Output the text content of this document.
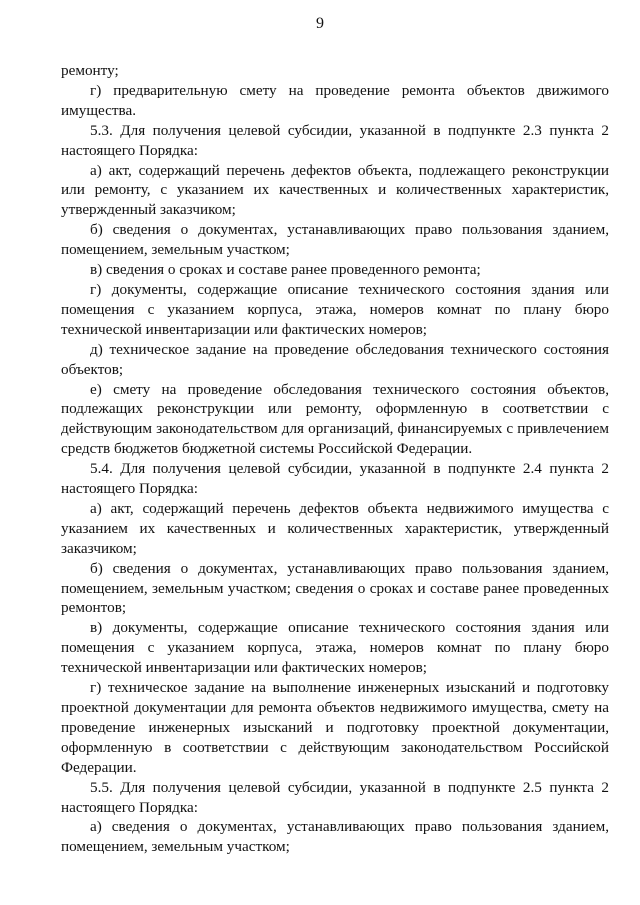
9

ремонту;

г) предварительную смету на проведение ремонта объектов движимого имущества.

5.3. Для получения целевой субсидии, указанной в подпункте 2.3 пункта 2 настоящего Порядка:

а) акт, содержащий перечень дефектов объекта, подлежащего реконструкции или ремонту, с указанием их качественных и количественных характеристик, утвержденный заказчиком;

б) сведения о документах, устанавливающих право пользования зданием, помещением, земельным участком;

в) сведения о сроках и составе ранее проведенного ремонта;

г) документы, содержащие описание технического состояния здания или помещения с указанием корпуса, этажа, номеров комнат по плану бюро технической инвентаризации или фактических номеров;

д) техническое задание на проведение обследования технического состояния объектов;

е) смету на проведение обследования технического состояния объектов, подлежащих реконструкции или ремонту, оформленную в соответствии с действующим законодательством для организаций, финансируемых с привлечением средств бюджетов бюджетной системы Российской Федерации.

5.4. Для получения целевой субсидии, указанной в подпункте 2.4 пункта 2 настоящего Порядка:

а) акт, содержащий перечень дефектов объекта недвижимого имущества с указанием их качественных и количественных характеристик, утвержденный заказчиком;

б) сведения о документах, устанавливающих право пользования зданием, помещением, земельным участком; сведения о сроках и составе ранее проведенных ремонтов;

в) документы, содержащие описание технического состояния здания или помещения с указанием корпуса, этажа, номеров комнат по плану бюро технической инвентаризации или фактических номеров;

г) техническое задание на выполнение инженерных изысканий и подготовку проектной документации для ремонта объектов недвижимого имущества, смету на проведение инженерных изысканий и подготовку проектной документации, оформленную в соответствии с действующим законодательством Российской Федерации.

5.5. Для получения целевой субсидии, указанной в подпункте 2.5 пункта 2 настоящего Порядка:

а) сведения о документах, устанавливающих право пользования зданием, помещением, земельным участком;
